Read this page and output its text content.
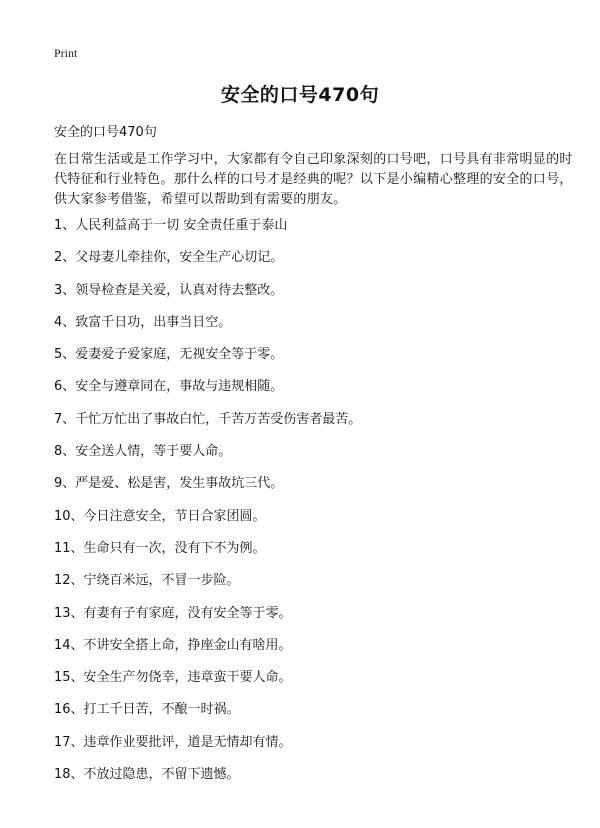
Print
安全的口号470句
安全的口号470句
在日常生活或是工作学习中，大家都有令自己印象深刻的口号吧，口号具有非常明显的时代特征和行业特色。那什么样的口号才是经典的呢？以下是小编精心整理的安全的口号，供大家参考借鉴，希望可以帮助到有需要的朋友。
1、人民利益高于一切 安全责任重于泰山
2、父母妻儿牵挂你，安全生产心切记。
3、领导检查是关爱，认真对待去整改。
4、致富千日功，出事当日空。
5、爱妻爱子爱家庭，无视安全等于零。
6、安全与遵章同在，事故与违规相随。
7、千忙万忙出了事故白忙，千苦万苦受伤害者最苦。
8、安全送人情，等于要人命。
9、严是爱、松是害，发生事故坑三代。
10、今日注意安全，节日合家团圆。
11、生命只有一次，没有下不为例。
12、宁绕百米远，不冒一步险。
13、有妻有子有家庭，没有安全等于零。
14、不讲安全搭上命，挣座金山有啥用。
15、安全生产勿侥幸，违章蛮干要人命。
16、打工千日苦，不酿一时祸。
17、违章作业要批评，道是无情却有情。
18、不放过隐患，不留下遗憾。
